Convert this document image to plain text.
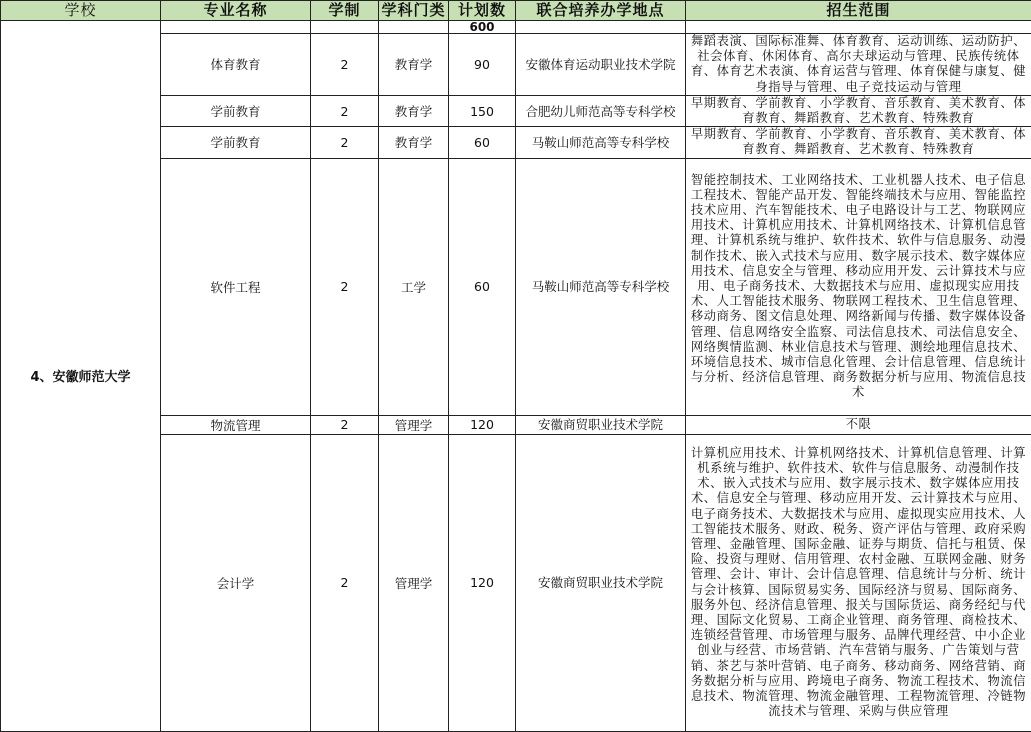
学校	专业名称	学制	学科门类	计划数	联合培养办学地点	招生范围
4、安徽师范大学				600		
	体育教育	2	教育学	90	安徽体育运动职业技术学院	舞蹈表演、国际标准舞、体育教育、运动训练、运动防护、社会体育、休闲体育、高尔夫球运动与管理、民族传统体育、体育艺术表演、体育运营与管理、体育保健与康复、健身指导与管理、电子竞技运动与管理
	学前教育	2	教育学	150	合肥幼儿师范高等专科学校	早期教育、学前教育、小学教育、音乐教育、美术教育、体育教育、舞蹈教育、艺术教育、特殊教育
	学前教育	2	教育学	60	马鞍山师范高等专科学校	早期教育、学前教育、小学教育、音乐教育、美术教育、体育教育、舞蹈教育、艺术教育、特殊教育
	软件工程	2	工学	60	马鞍山师范高等专科学校	智能控制技术、工业网络技术、工业机器人技术、电子信息工程技术、智能产品开发、智能终端技术与应用、智能监控技术应用、汽车智能技术、电子电路设计与工艺、物联网应用技术、计算机应用技术、计算机网络技术、计算机信息管理、计算机系统与维护、软件技术、软件与信息服务、动漫制作技术、嵌入式技术与应用、数字展示技术、数字媒体应用技术、信息安全与管理、移动应用开发、云计算技术与应用、电子商务技术、大数据技术与应用、虚拟现实应用技术、人工智能技术服务、物联网工程技术、卫生信息管理、移动商务、图文信息处理、网络新闻与传播、数字媒体设备管理、信息网络安全监察、司法信息技术、司法信息安全、网络舆情监测、林业信息技术与管理、测绘地理信息技术、环境信息技术、城市信息化管理、会计信息管理、信息统计与分析、经济信息管理、商务数据分析与应用、物流信息技术
	物流管理	2	管理学	120	安徽商贸职业技术学院	不限
	会计学	2	管理学	120	安徽商贸职业技术学院	计算机应用技术、计算机网络技术、计算机信息管理、计算机系统与维护、软件技术、软件与信息服务、动漫制作技术、嵌入式技术与应用、数字展示技术、数字媒体应用技术、信息安全与管理、移动应用开发、云计算技术与应用、电子商务技术、大数据技术与应用、虚拟现实应用技术、人工智能技术服务、财政、税务、资产评估与管理、政府采购管理、金融管理、国际金融、证券与期货、信托与租赁、保险、投资与理财、信用管理、农村金融、互联网金融、财务管理、会计、审计、会计信息管理、信息统计与分析、统计与会计核算、国际贸易实务、国际经济与贸易、国际商务、服务外包、经济信息管理、报关与国际货运、商务经纪与代理、国际文化贸易、工商企业管理、商务管理、商检技术、连锁经营管理、市场管理与服务、品牌代理经营、中小企业创业与经营、市场营销、汽车营销与服务、广告策划与营销、茶艺与茶叶营销、电子商务、移动商务、网络营销、商务数据分析与应用、跨境电子商务、物流工程技术、物流信息技术、物流管理、物流金融管理、工程物流管理、冷链物流技术与管理、采购与供应管理
